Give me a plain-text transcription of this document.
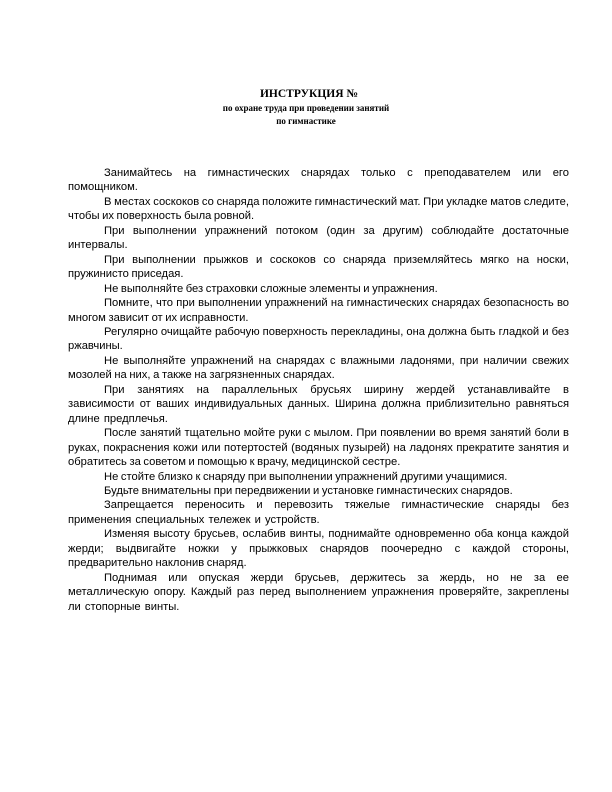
ИНСТРУКЦИЯ №
по охране труда при проведении занятий
по гимнастике

Занимайтесь на гимнастических снарядах только с преподавателем или его помощником.

В местах соскоков со снаряда положите гимнастический мат. При укладке матов следите, чтобы их поверхность была ровной.

При выполнении упражнений потоком (один за другим) соблюдайте достаточные интервалы.

При выполнении прыжков и соскоков со снаряда приземляйтесь мягко на носки, пружинисто приседая.

Не выполняйте без страховки сложные элементы и упражнения.

Помните, что при выполнении упражнений на гимнастических снарядах безопасность во многом зависит от их исправности.

Регулярно очищайте рабочую поверхность перекладины, она должна быть гладкой и без ржавчины.

Не выполняйте упражнений на снарядах с влажными ладонями, при наличии свежих мозолей на них, а также на загрязненных снарядах.

При занятиях на параллельных брусьях ширину жердей устанавливайте в зависимости от ваших индивидуальных данных. Ширина должна приблизительно равняться длине предплечья.

После занятий тщательно мойте руки с мылом. При появлении во время занятий боли в руках, покраснения кожи или потертостей (водяных пузырей) на ладонях прекратите занятия и обратитесь за советом и помощью к врачу, медицинской сестре.

Не стойте близко к снаряду при выполнении упражнений другими учащимися.

Будьте внимательны при передвижении и установке гимнастических снарядов.

Запрещается переносить и перевозить тяжелые гимнастические снаряды без применения специальных тележек и устройств.

Изменяя высоту брусьев, ослабив винты, поднимайте одновременно оба конца каждой жерди; выдвигайте ножки у прыжковых снарядов поочередно с каждой стороны, предварительно наклонив снаряд.

Поднимая или опуская жерди брусьев, держитесь за жердь, но не за ее металлическую опору. Каждый раз перед выполнением упражнения проверяйте, закреплены ли стопорные винты.
